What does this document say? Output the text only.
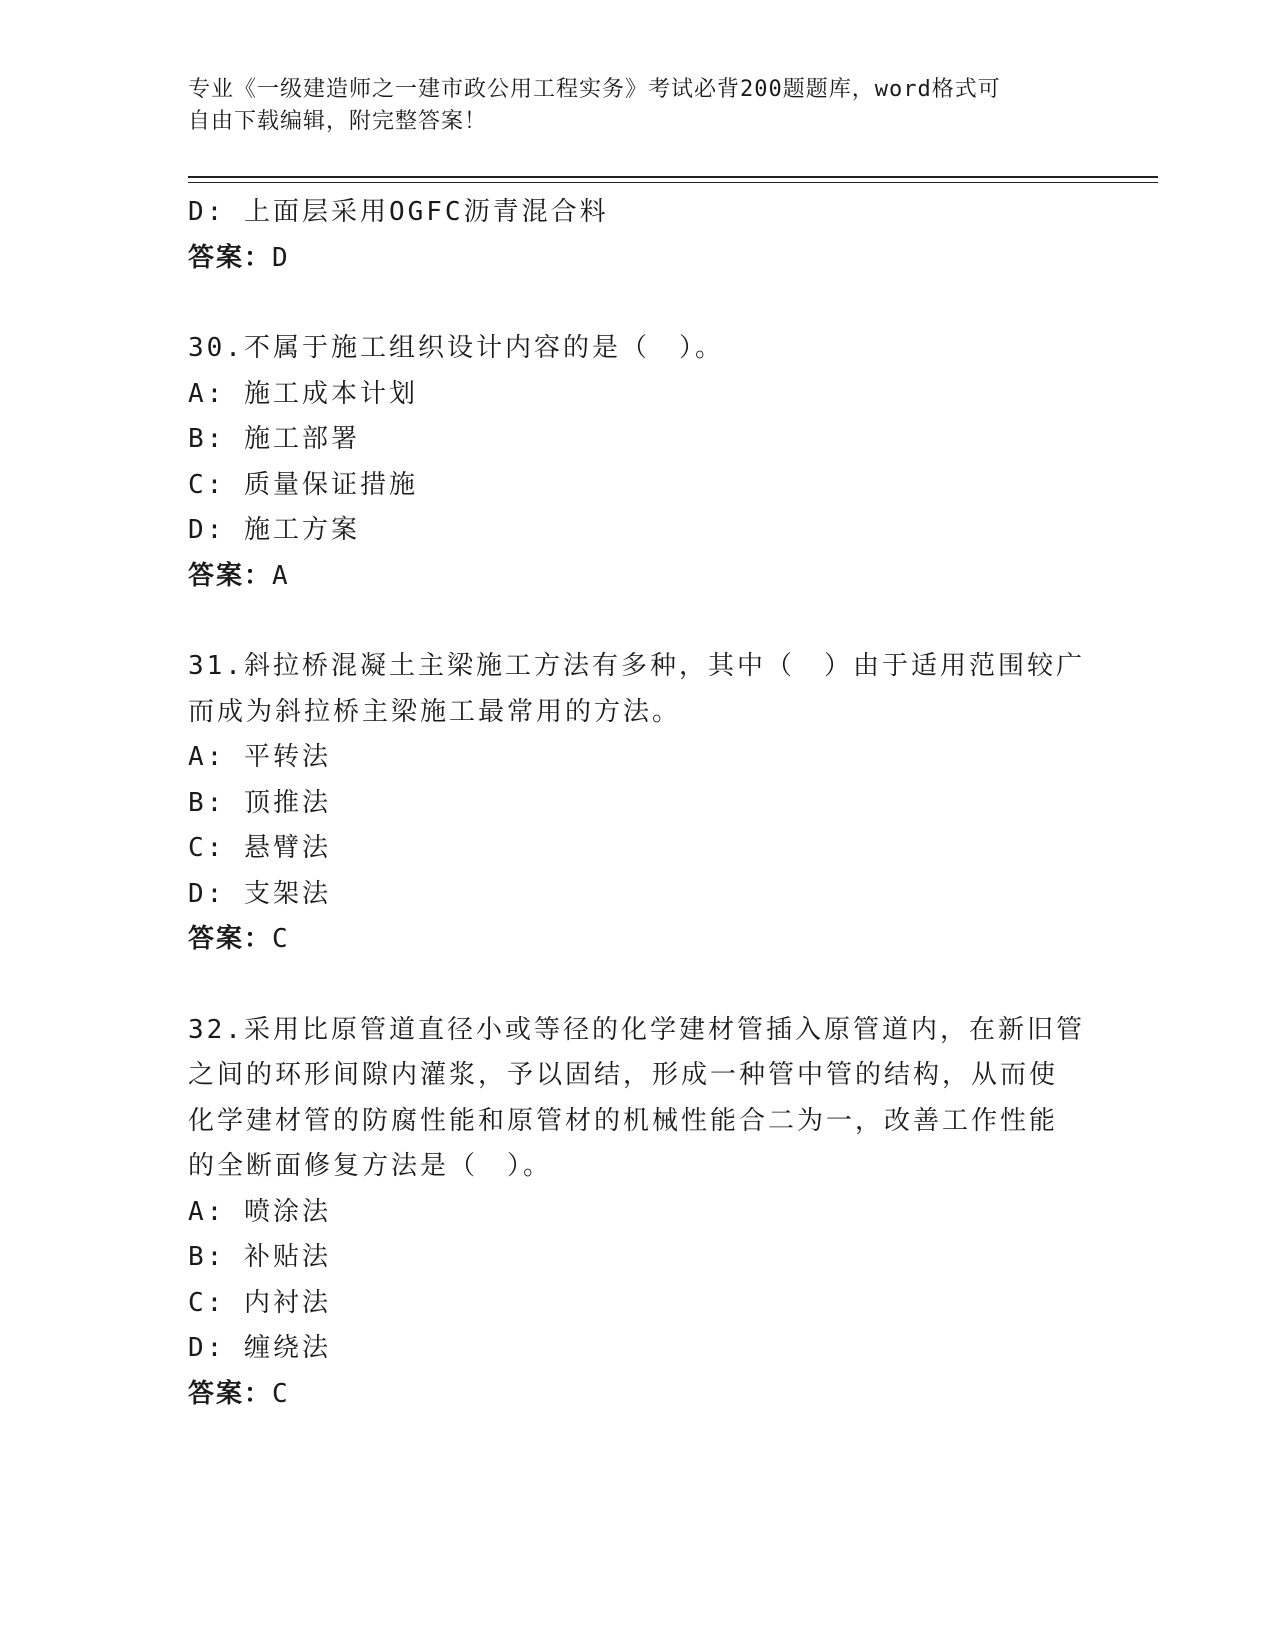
专业《一级建造师之一建市政公用工程实务》考试必背200题题库，word格式可
自由下载编辑，附完整答案！
D: 上面层采用OGFC沥青混合料
答案：D
30.不属于施工组织设计内容的是（　）。
A: 施工成本计划
B: 施工部署
C: 质量保证措施
D: 施工方案
答案：A
31.斜拉桥混凝土主梁施工方法有多种，其中（　）由于适用范围较广
而成为斜拉桥主梁施工最常用的方法。
A: 平转法
B: 顶推法
C: 悬臂法
D: 支架法
答案：C
32.采用比原管道直径小或等径的化学建材管插入原管道内，在新旧管
之间的环形间隙内灌浆，予以固结，形成一种管中管的结构，从而使
化学建材管的防腐性能和原管材的机械性能合二为一，改善工作性能
的全断面修复方法是（　）。
A: 喷涂法
B: 补贴法
C: 内衬法
D: 缠绕法
答案：C
